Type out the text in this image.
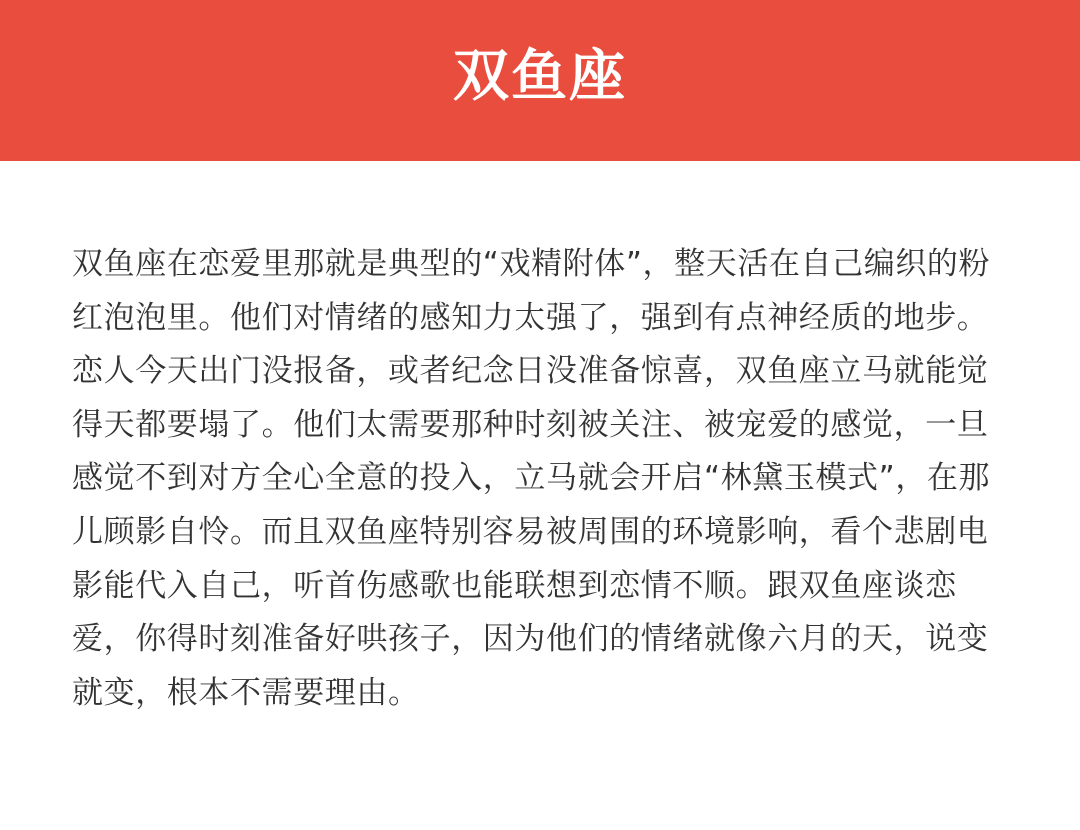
双鱼座

双鱼座在恋爱里那就是典型的“戏精附体”，整天活在自己编织的粉红泡泡里。他们对情绪的感知力太强了，强到有点神经质的地步。恋人今天出门没报备，或者纪念日没准备惊喜，双鱼座立马就能觉得天都要塌了。他们太需要那种时刻被关注、被宠爱的感觉，一旦感觉不到对方全心全意的投入，立马就会开启“林黛玉模式”，在那儿顾影自怜。而且双鱼座特别容易被周围的环境影响，看个悲剧电影能代入自己，听首伤感歌也能联想到恋情不顺。跟双鱼座谈恋爱，你得时刻准备好哄孩子，因为他们的情绪就像六月的天，说变就变，根本不需要理由。
